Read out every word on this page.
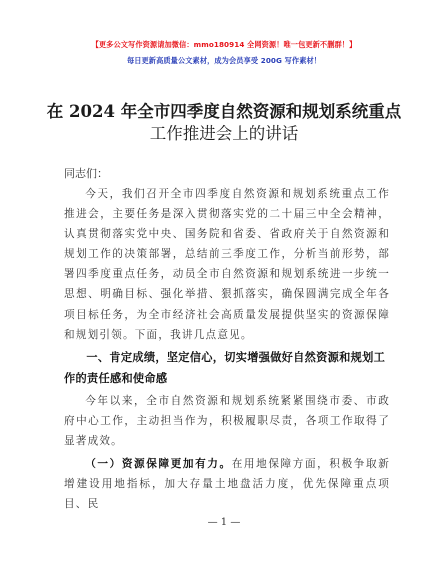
【更多公文写作资源请加微信：mmo180914 全网资源！唯一包更新不删群！】
每日更新高质量公文素材，成为会员享受 200G 写作素材！
在 2024 年全市四季度自然资源和规划系统重点
工作推进会上的讲话
同志们：

今天，我们召开全市四季度自然资源和规划系统重点工作推进会，主要任务是深入贯彻落实党的二十届三中全会精神，认真贯彻落实党中央、国务院和省委、省政府关于自然资源和规划工作的决策部署，总结前三季度工作，分析当前形势，部署四季度重点任务，动员全市自然资源和规划系统进一步统一思想、明确目标、强化举措、狠抓落实，确保圆满完成全年各项目标任务，为全市经济社会高质量发展提供坚实的资源保障和规划引领。下面，我讲几点意见。

一、肯定成绩，坚定信心，切实增强做好自然资源和规划工作的责任感和使命感

今年以来，全市自然资源和规划系统紧紧围绕市委、市政府中心工作，主动担当作为，积极履职尽责，各项工作取得了显著成效。

（一）资源保障更加有力。在用地保障方面，积极争取新增建设用地指标，加大存量土地盘活力度，优先保障重点项目、民

— 1 —
